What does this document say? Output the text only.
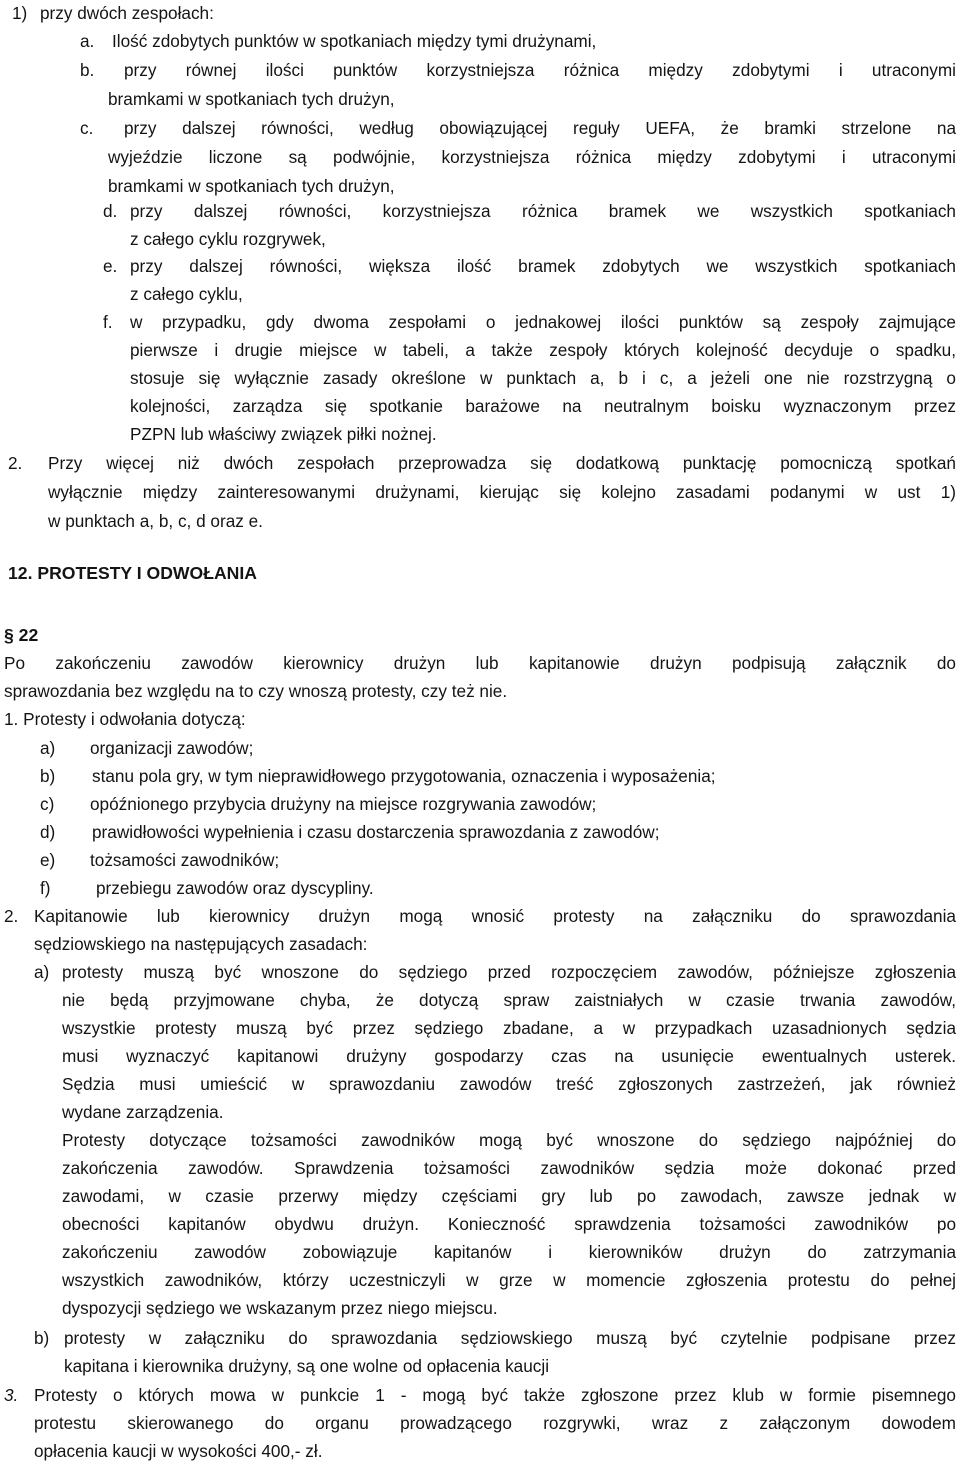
1) przy dwóch zespołach:
a. Ilość zdobytych punktów w spotkaniach między tymi drużynami,
b. przy równej ilości punktów korzystniejsza różnica między zdobytymi i utraconymi
bramkami w spotkaniach tych drużyn,
c. przy dalszej równości, według obowiązującej reguły UEFA, że bramki strzelone na
wyjeździe liczone są podwójnie, korzystniejsza różnica między zdobytymi i utraconymi
bramkami w spotkaniach tych drużyn,
d. przy dalszej równości, korzystniejsza różnica bramek we wszystkich spotkaniach
z całego cyklu rozgrywek,
e. przy dalszej równości, większa ilość bramek zdobytych we wszystkich spotkaniach
z całego cyklu,
f. w przypadku, gdy dwoma zespołami o jednakowej ilości punktów są zespoły zajmujące
pierwsze i drugie miejsce w tabeli, a także zespoły których kolejność decyduje o spadku,
stosuje się wyłącznie zasady określone w punktach a, b i c, a jeżeli one nie rozstrzygną o
kolejności, zarządza się spotkanie barażowe na neutralnym boisku wyznaczonym przez
PZPN lub właściwy związek piłki nożnej.
2. Przy więcej niż dwóch zespołach przeprowadza się dodatkową punktację pomocniczą spotkań
wyłącznie między zainteresowanymi drużynami, kierując się kolejno zasadami podanymi w ust 1)
w punktach a, b, c, d oraz e.
12. PROTESTY I ODWOŁANIA
§ 22
Po zakończeniu zawodów kierownicy drużyn lub kapitanowie drużyn podpisują załącznik do
sprawozdania bez względu na to czy wnoszą protesty, czy też nie.
1. Protesty i odwołania dotyczą:
a) organizacji zawodów;
b) stanu pola gry, w tym nieprawidłowego przygotowania, oznaczenia i wyposażenia;
c) opóźnionego przybycia drużyny na miejsce rozgrywania zawodów;
d) prawidłowości wypełnienia i czasu dostarczenia sprawozdania z zawodów;
e) tożsamości zawodników;
f)	przebiegu zawodów oraz dyscypliny.
2. Kapitanowie lub kierownicy drużyn mogą wnosić protesty na załączniku do sprawozdania
sędziowskiego na następujących zasadach:
a) protesty muszą być wnoszone do sędziego przed rozpoczęciem zawodów, późniejsze zgłoszenia
nie będą przyjmowane chyba, że dotyczą spraw zaistniałych w czasie trwania zawodów,
wszystkie protesty muszą być przez sędziego zbadane, a w przypadkach uzasadnionych sędzia
musi wyznaczyć kapitanowi drużyny gospodarzy czas na usunięcie ewentualnych usterek.
Sędzia musi umieścić w sprawozdaniu zawodów treść zgłoszonych zastrzeżeń, jak również
wydane zarządzenia.
Protesty dotyczące tożsamości zawodników mogą być wnoszone do sędziego najpóźniej do
zakończenia zawodów. Sprawdzenia tożsamości zawodników sędzia może dokonać przed
zawodami, w czasie przerwy między częściami gry lub po zawodach, zawsze jednak w
obecności kapitanów obydwu drużyn. Konieczność sprawdzenia tożsamości zawodników po
zakończeniu zawodów zobowiązuje kapitanów i kierowników drużyn do zatrzymania
wszystkich zawodników, którzy uczestniczyli w grze w momencie zgłoszenia protestu do pełnej
dyspozycji sędziego we wskazanym przez niego miejscu.
b) protesty w załączniku do sprawozdania sędziowskiego muszą być czytelnie podpisane przez
kapitana i kierownika drużyny, są one wolne od opłacenia kaucji
3. Protesty o których mowa w punkcie 1 - mogą być także zgłoszone przez klub w formie pisemnego
protestu skierowanego do organu prowadzącego rozgrywki, wraz z załączonym dowodem
opłacenia kaucji w wysokości 400,- zł.
